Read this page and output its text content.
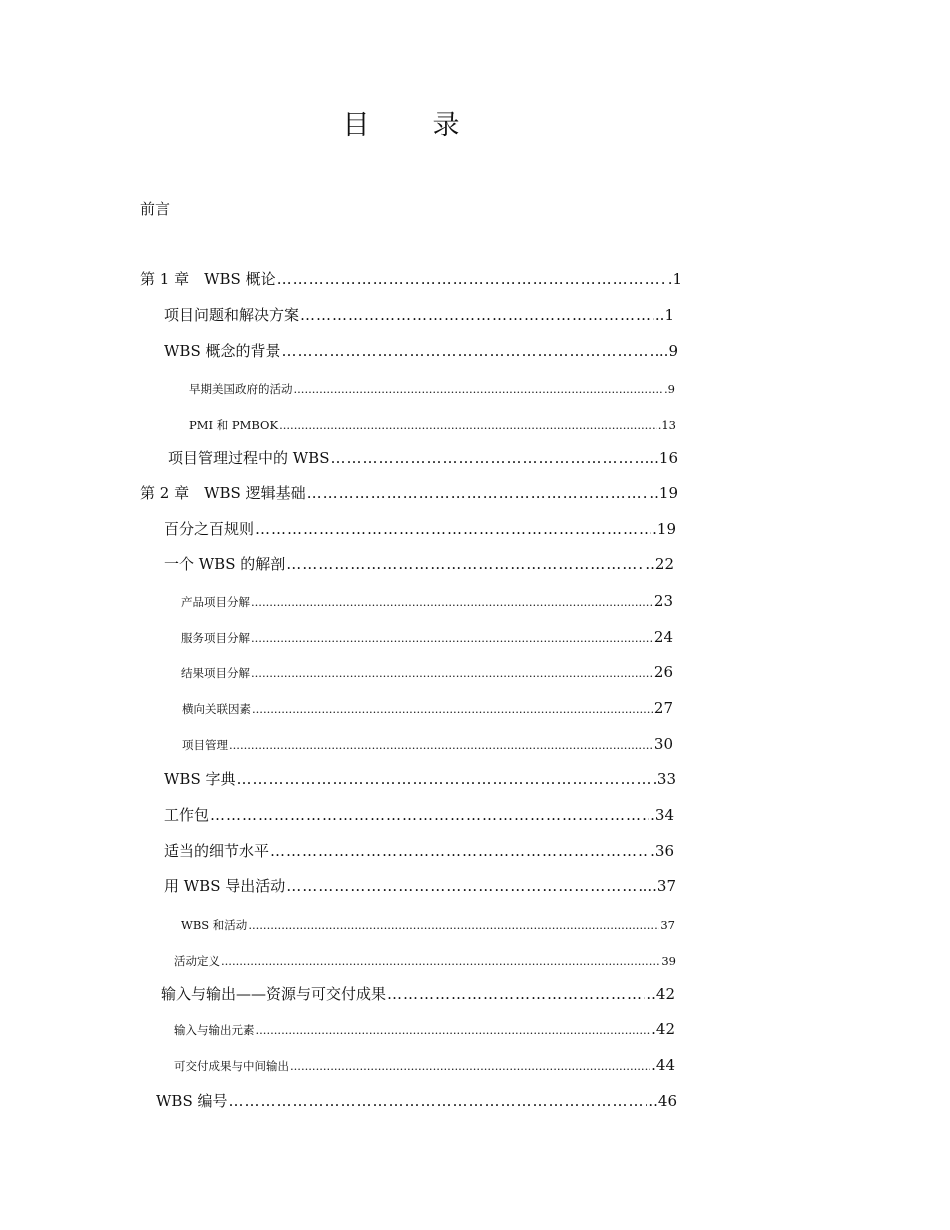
目　录
前言
第 1 章　WBS 概论 ………………………………………………………………………………………………………………………………………………………………………………………………………………………………………………………………	.1
项目问题和解决方案 ………………………………………………………………………………………………………………………………………………………………………………………………………………………………………………………………	..1
WBS 概念的背景 ………………………………………………………………………………………………………………………………………………………………………………………………………………………………………………………………	..9
早期美国政府的活动 .....	.9
PMI 和 PMBOK .....	.13
项目管理过程中的 WBS ………………………………………………………………………………………………………………………………………………………………………………………………………………………………………………………………	...16
第 2 章　WBS 逻辑基础 ………………………………………………………………………………………………………………………………………………………………………………………………………………………………………………………………	..19
百分之百规则 ………………………………………………………………………………………………………………………………………………………………………………………………………………………………………………………………	.19
一个 WBS 的解剖 ………………………………………………………………………………………………………………………………………………………………………………………………………………………………………………………………	..22
产品项目分解 .....	23
服务项目分解 .....	24
结果项目分解 .....	26
横向关联因素 .....	27
项目管理 .....	30
WBS 字典 ………………………………………………………………………………………………………………………………………………………………………………………………………………………………………………………………	33
工作包 ………………………………………………………………………………………………………………………………………………………………………………………………………………………………………………………………	.34
适当的细节水平 ………………………………………………………………………………………………………………………………………………………………………………………………………………………………………………………………	.36
用 WBS 导出活动 ………………………………………………………………………………………………………………………………………………………………………………………………………………………………………………………………	...37
WBS 和活动 .....	37
活动定义 .....	39
输入与输出——资源与可交付成果 ………………………………………………………………………………………………………………………………………………………………………………………………………………………………………………………………	..42
输入与输出元素 .....	.42
可交付成果与中间输出 .....	.44
WBS 编号 ………………………………………………………………………………………………………………………………………………………………………………………………………………………………………………………………	..46
